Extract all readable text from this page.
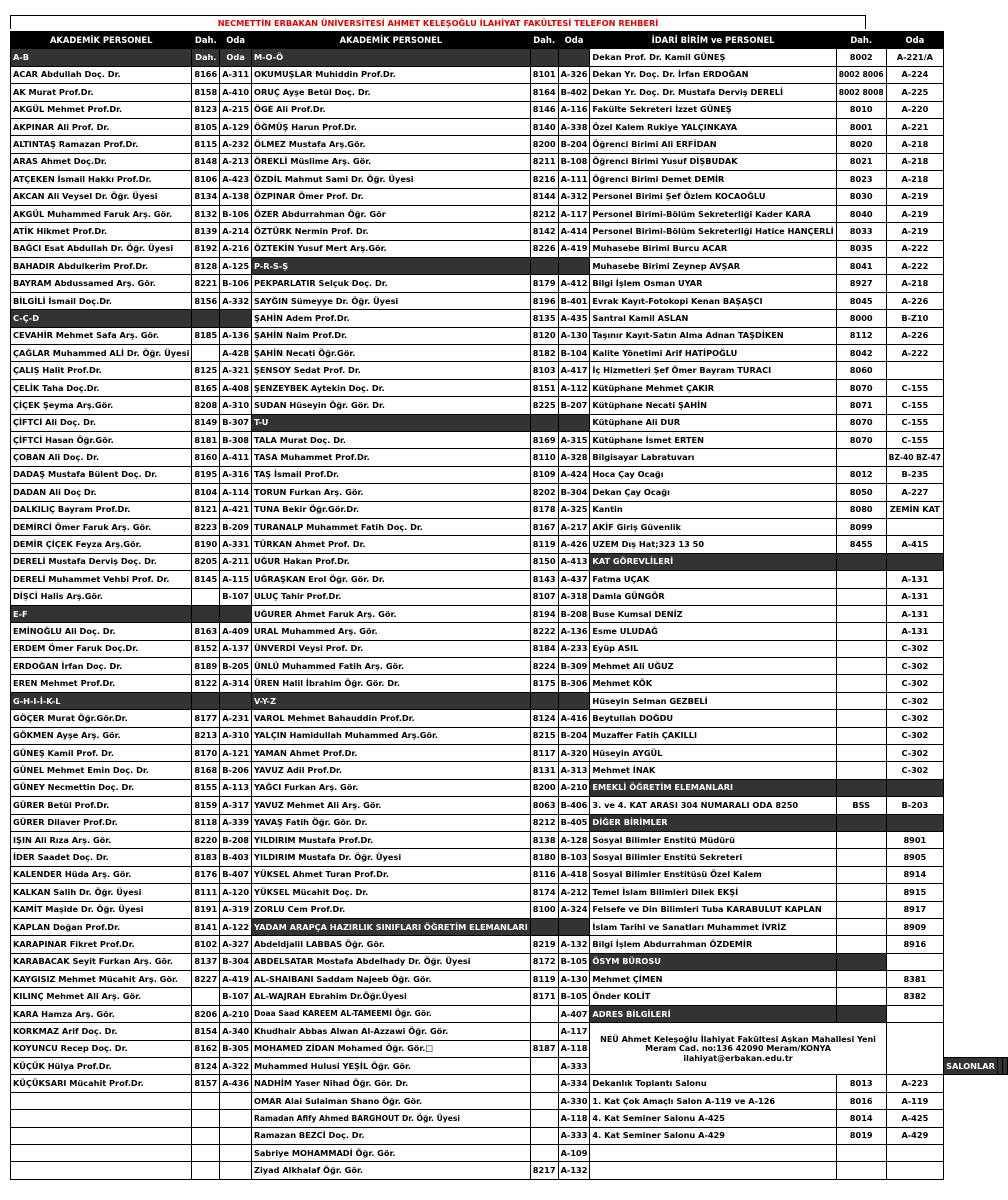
NECMETTİN ERBAKAN ÜNİVERSİTESİ AHMET KELEŞOĞLU İLAHİYAT FAKÜLTESİ TELEFON REHBERİ
AKADEMİK PERSONEL	Dah.	Oda	AKADEMİK PERSONEL	Dah.	Oda	İDARİ BİRİM ve PERSONEL	Dah.	Oda			
A-B	Dah.	Oda	M-O-Ö			Dekan Prof. Dr. Kamil GÜNEŞ	8002	A-221/A			
ACAR Abdullah Doç. Dr.	8166	A-311	OKUMUŞLAR Muhiddin Prof.Dr.	8101	A-326	Dekan Yr. Doç. Dr. İrfan ERDOĞAN	8002 8006	A-224			
AK Murat Prof.Dr.	8158	A-410	ORUÇ Ayşe Betül Doç. Dr.	8164	B-402	Dekan Yr. Doç. Dr. Mustafa Derviş DERELİ	8002 8008	A-225			
AKGÜL Mehmet Prof.Dr.	8123	A-215	ÖGE Ali Prof.Dr.	8146	A-116	Fakülte Sekreteri İzzet GÜNEŞ	8010	A-220			
AKPINAR Ali Prof. Dr.	8105	A-129	ÖĞMÜŞ Harun Prof.Dr.	8140	A-338	Özel Kalem Rukiye YALÇINKAYA	8001	A-221			
ALTINTAŞ Ramazan Prof.Dr.	8115	A-232	ÖLMEZ Mustafa Arş.Gör.	8200	B-204	Öğrenci Birimi Ali ERFİDAN	8020	A-218			
ARAS Ahmet Doç.Dr.	8148	A-213	ÖREKLİ Müslime Arş. Gör.	8211	B-108	Öğrenci Birimi Yusuf DİŞBUDAK	8021	A-218			
ATÇEKEN İsmail Hakkı Prof.Dr.	8106	A-423	ÖZDİL Mahmut Sami Dr. Öğr. Üyesi	8216	A-111	Öğrenci Birimi Demet DEMİR	8023	A-218			
AKCAN Ali Veysel Dr. Öğr. Üyesi	8134	A-138	ÖZPINAR Ömer Prof. Dr.	8144	A-312	Personel Birimi Şef Özlem KOCAOĞLU	8030	A-219			
AKGÜL Muhammed Faruk Arş. Gör.	8132	B-106	ÖZER Abdurrahman Öğr. Gör	8212	A-117	Personel Birimi-Bölüm Sekreterliği Kader KARA	8040	A-219			
ATİK Hikmet Prof.Dr.	8139	A-214	ÖZTÜRK Nermin Prof. Dr.	8142	A-414	Personel Birimi-Bölüm Sekreterliği Hatice HANÇERLİ	8033	A-219			
BAĞCI Esat Abdullah Dr. Öğr. Üyesi	8192	A-216	ÖZTEKİN Yusuf Mert Arş.Gör.	8226	A-419	Muhasebe Birimi Burcu ACAR	8035	A-222			
BAHADIR Abdulkerim Prof.Dr.	8128	A-125	P-R-S-Ş			Muhasebe Birimi Zeynep AVŞAR	8041	A-222			
BAYRAM Abdussamed Arş. Gör.	8221	B-106	PEKPARLATIR Selçuk Doç. Dr.	8179	A-412	Bilgi İşlem Osman UYAR	8927	A-218			
BİLGİLİ İsmail Doç.Dr.	8156	A-332	SAYĞIN Sümeyye Dr. Öğr. Üyesi	8196	B-401	Evrak Kayıt-Fotokopi Kenan BAŞAŞCI	8045	A-226			
C-Ç-D			ŞAHİN Adem Prof.Dr.	8135	A-435	Santral Kamil ASLAN	8000	B-Z10			
CEVAHİR Mehmet Safa Arş. Gör.	8185	A-136	ŞAHİN Naim Prof.Dr.	8120	A-130	Taşınır Kayıt-Satın Alma Adnan TAŞDİKEN	8112	A-226			
ÇAĞLAR Muhammed ALİ Dr. Öğr. Üyesi		A-428	ŞAHİN Necati Öğr.Gör.	8182	B-104	Kalite Yönetimi Arif HATİPOĞLU	8042	A-222			
ÇALIŞ Halit Prof.Dr.	8125	A-321	ŞENSOY Sedat Prof. Dr.	8103	A-417	İç Hizmetleri Şef Ömer Bayram TURACI	8060				
ÇELİK Taha Doç.Dr.	8165	A-408	ŞENZEYBEK Aytekin Doç. Dr.	8151	A-112	Kütüphane Mehmet ÇAKIR	8070	C-155			
ÇİÇEK Şeyma Arş.Gör.	8208	A-310	SUDAN Hüseyin Öğr. Gör. Dr.	8225	B-207	Kütüphane Necati ŞAHİN	8071	C-155			
ÇİFTCİ Ali Doç. Dr.	8149	B-307	T-U			Kütüphane Ali DUR	8070	C-155			
ÇİFTCİ Hasan Öğr.Gör.	8181	B-308	TALA Murat Doç. Dr.	8169	A-315	Kütüphane İsmet ERTEN	8070	C-155			
ÇOBAN Ali Doç. Dr.	8160	A-411	TASA Muhammet Prof.Dr.	8110	A-328	Bilgisayar Labratuvarı		BZ-40 BZ-47			
DADAŞ Mustafa Bülent Doç. Dr.	8195	A-316	TAŞ İsmail Prof.Dr.	8109	A-424	Hoca Çay Ocağı	8012	B-235			
DADAN Ali Doç Dr.	8104	A-114	TORUN Furkan Arş. Gör.	8202	B-304	Dekan Çay Ocağı	8050	A-227			
DALKILIÇ Bayram Prof.Dr.	8121	A-421	TUNA Bekir Öğr.Gör.Dr.	8178	A-325	Kantin	8080	ZEMİN KAT			
DEMİRCİ Ömer Faruk Arş. Gör.	8223	B-209	TURANALP Muhammet Fatih Doç. Dr.	8167	A-217	AKİF Giriş Güvenlik	8099				
DEMİR ÇİÇEK Feyza Arş.Gör.	8190	A-331	TÜRKAN Ahmet Prof. Dr.	8119	A-426	UZEM Dış Hat;323 13 50	8455	A-415			
DERELİ Mustafa Derviş Doç. Dr.	8205	A-211	UĞUR Hakan Prof.Dr.	8150	A-413	KAT GÖREVLİLERİ					
DERELİ Muhammet Vehbi Prof. Dr.	8145	A-115	UĞRAŞKAN Erol Öğr. Gör. Dr.	8143	A-437	Fatma UÇAK		A-131			
DİŞCİ Halis Arş.Gör.		B-107	ULUÇ Tahir Prof.Dr.	8107	A-318	Damla GÜNGÖR		A-131			
E-F			UĞURER Ahmet Faruk Arş. Gör.	8194	B-208	Buse Kumsal DENİZ		A-131			
EMİNOĞLU Ali Doç. Dr.	8163	A-409	URAL Muhammed Arş. Gör.	8222	A-136	Esme ULUDAĞ		A-131			
ERDEM Ömer Faruk Doç.Dr.	8152	A-137	ÜNVERDİ Veysi Prof. Dr.	8184	A-233	Eyüp ASIL		C-302			
ERDOĞAN İrfan Doç. Dr.	8189	B-205	ÜNLÜ Muhammed Fatih Arş. Gör.	8224	B-309	Mehmet Ali UĞUZ		C-302			
EREN Mehmet Prof.Dr.	8122	A-314	ÜREN Halil İbrahim Öğr. Gör. Dr.	8175	B-306	Mehmet KÖK		C-302			
G-H-I-İ-K-L			V-Y-Z			Hüseyin Selman GEZBELİ		C-302			
GÖÇER Murat Öğr.Gör.Dr.	8177	A-231	VAROL Mehmet Bahauddin Prof.Dr.	8124	A-416	Beytullah DOĞDU		C-302			
GÖKMEN Ayşe Arş. Gör.	8213	A-310	YALÇIN Hamidullah Muhammed Arş.Gör.	8215	B-204	Muzaffer Fatih ÇAKILLI		C-302			
GÜNEŞ Kamil Prof. Dr.	8170	A-121	YAMAN Ahmet Prof.Dr.	8117	A-320	Hüseyin AYGÜL		C-302			
GÜNEL Mehmet Emin Doç. Dr.	8168	B-206	YAVUZ Adil Prof.Dr.	8131	A-313	Mehmet İNAK		C-302			
GÜNEY Necmettin Doç. Dr.	8155	A-113	YAĞCI Furkan Arş. Gör.	8200	A-210	EMEKLİ ÖĞRETİM ELEMANLARI					
GÜRER Betül Prof.Dr.	8159	A-317	YAVUZ Mehmet Ali Arş. Gör.	8063	B-406	3. ve 4. KAT ARASI 304 NUMARALI ODA 8250	BSS	B-203			
GÜRER Dilaver Prof.Dr.	8118	A-339	YAVAŞ Fatih Öğr. Gör. Dr.	8212	B-405	DİĞER BİRİMLER					
IŞIN Ali Rıza Arş. Gör.	8220	B-208	YILDIRIM Mustafa Prof.Dr.	8138	A-128	Sosyal Bilimler Enstitü Müdürü		8901			
İDER Saadet Doç. Dr.	8183	B-403	YILDIRIM Mustafa Dr. Öğr. Üyesi	8180	B-103	Sosyal Bilimler Enstitü Sekreteri		8905			
KALENDER Hüda Arş. Gör.	8176	B-407	YÜKSEL Ahmet Turan Prof.Dr.	8116	A-418	Sosyal Bilimler Enstitüsü Özel Kalem		8914			
KALKAN Salih Dr. Öğr. Üyesi	8111	A-120	YÜKSEL Mücahit Doç. Dr.	8174	A-212	Temel İslam Bilimleri Dilek EKŞİ		8915			
KAMİT Maşide Dr. Öğr. Üyesi	8191	A-319	ZORLU Cem Prof.Dr.	8100	A-324	Felsefe ve Din Bilimleri Tuba KARABULUT KAPLAN		8917			
KAPLAN Doğan Prof.Dr.	8141	A-122	YADAM ARAPÇA HAZIRLIK SINIFLARI ÖĞRETİM ELEMANLARI			İslam Tarihi ve Sanatları Muhammet İVRİZ		8909			
KARAPINAR Fikret Prof.Dr.	8102	A-327	Abdeldjalil LABBAS Öğr. Gör.	8219	A-132	Bilgi İşlem Abdurrahman ÖZDEMİR		8916			
KARABACAK Seyit Furkan Arş. Gör.	8137	B-304	ABDELSATAR Mostafa Abdelhady Dr. Öğr. Üyesi	8172	B-105	ÖSYM BÜROSU					
KAYGISIZ Mehmet Mücahit Arş. Gör.	8227	A-419	AL-SHAIBANI Saddam Najeeb Öğr. Gör.	8119	A-130	Mehmet ÇİMEN		8381			
KILINÇ Mehmet Ali Arş. Gör.		B-107	AL-WAJRAH Ebrahim Dr.Öğr.Üyesi	8171	B-105	Önder KOLİT		8382			
KARA Hamza Arş. Gör.	8206	A-210	Doaa Saad KAREEM AL-TAMEEMI Öğr. Gör.		A-407	ADRES BİLGİLERİ					
KORKMAZ Arif Doç. Dr.	8154	A-340	Khudhair Abbas Alwan Al-Azzawi Öğr. Gör.		A-117	NEÜ Ahmet Keleşoğlu İlahiyat Fakültesi Aşkan Mahallesi Yeni Meram Cad. no:136 42090 Meram/KONYA ilahiyat@erbakan.edu.tr					
KOYUNCU Recep Doç. Dr.	8162	B-305	MOHAMED ZİDAN Mohamed Öğr. Gör.□	8187	A-118						
KÜÇÜK Hülya Prof.Dr.	8124	A-322	Muhammed Hulusi YEŞİL Öğr. Gör.		A-333				SALONLAR		
KÜÇÜKSARI Mücahit Prof.Dr.	8157	A-436	NADHİM Yaser Nihad Öğr. Gör. Dr.		A-334	Dekanlık Toplantı Salonu	8013	A-223			
			OMAR Alai Sulaiman Shano Öğr. Gör.		A-330	1. Kat Çok Amaçlı Salon A-119 ve A-126	8016	A-119			
			Ramadan Afify Ahmed BARGHOUT Dr. Öğr. Üyesi		A-118	4. Kat Seminer Salonu A-425	8014	A-425			
			Ramazan BEZCİ Doç. Dr.		A-333	4. Kat Seminer Salonu A-429	8019	A-429			
			Sabriye MOHAMMADİ Öğr. Gör.		A-109						
			Ziyad Alkhalaf Öğr. Gör.	8217	A-132						
